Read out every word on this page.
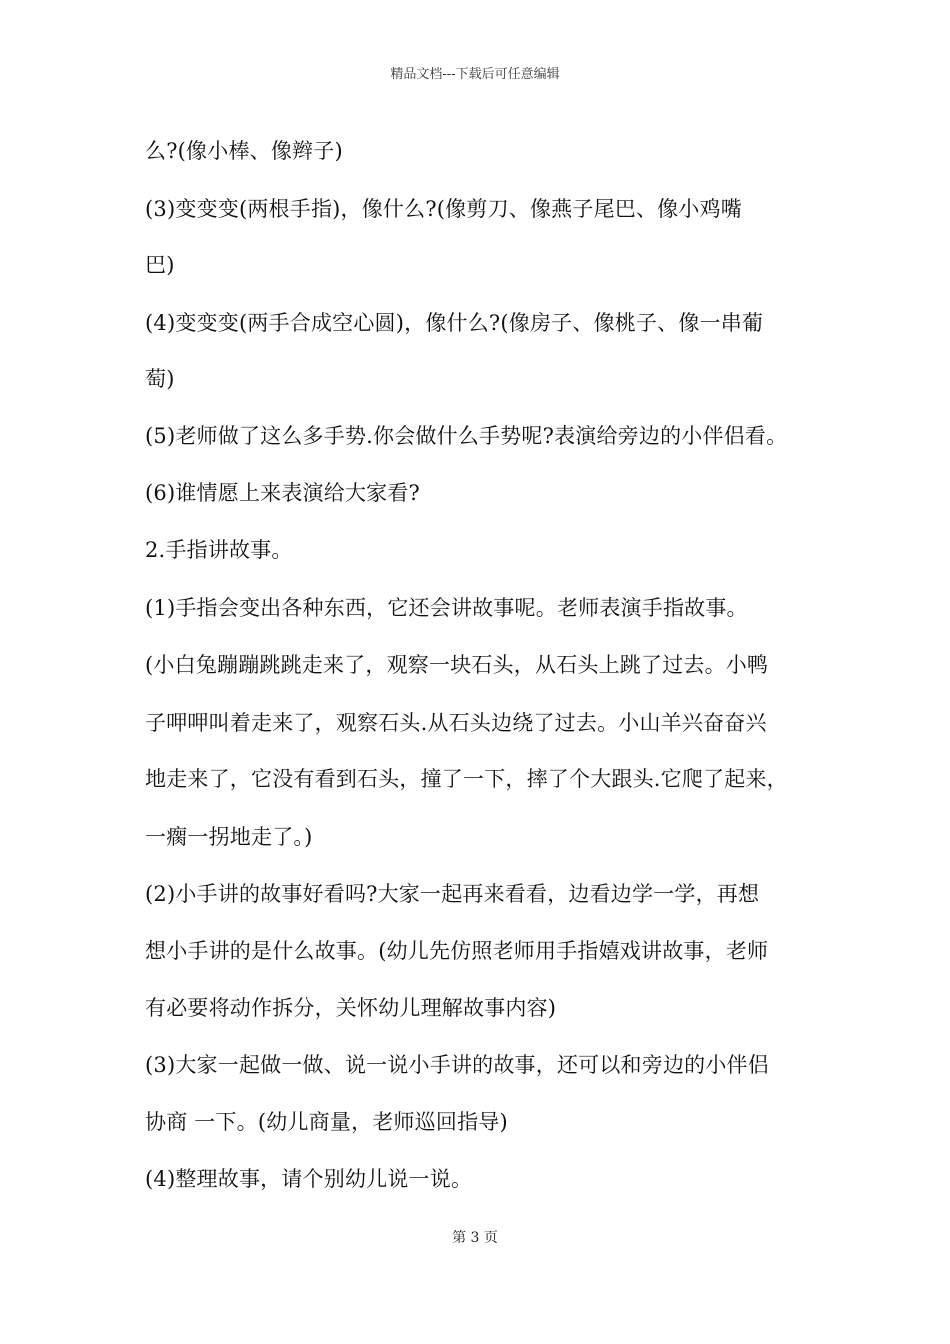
精品文档---下载后可任意编辑
么?(像小棒、像辫子)
(3)变变变(两根手指)，像什么?(像剪刀、像燕子尾巴、像小鸡嘴
巴)
(4)变变变(两手合成空心圆)，像什么?(像房子、像桃子、像一串葡
萄)
(5)老师做了这么多手势.你会做什么手势呢?表演给旁边的小伴侣看。
(6)谁情愿上来表演给大家看?
2.手指讲故事。
(1)手指会变出各种东西，它还会讲故事呢。老师表演手指故事。
(小白兔蹦蹦跳跳走来了，观察一块石头，从石头上跳了过去。小鸭
子呷呷叫着走来了，观察石头.从石头边绕了过去。小山羊兴奋奋兴
地走来了，它没有看到石头，撞了一下，摔了个大跟头.它爬了起来，
一瘸一拐地走了。)
(2)小手讲的故事好看吗?大家一起再来看看，边看边学一学，再想
想小手讲的是什么故事。(幼儿先仿照老师用手指嬉戏讲故事，老师
有必要将动作拆分，关怀幼儿理解故事内容)
(3)大家一起做一做、说一说小手讲的故事，还可以和旁边的小伴侣
协商 一下。(幼儿商量，老师巡回指导)
(4)整理故事，请个别幼儿说一说。
第 3 页
